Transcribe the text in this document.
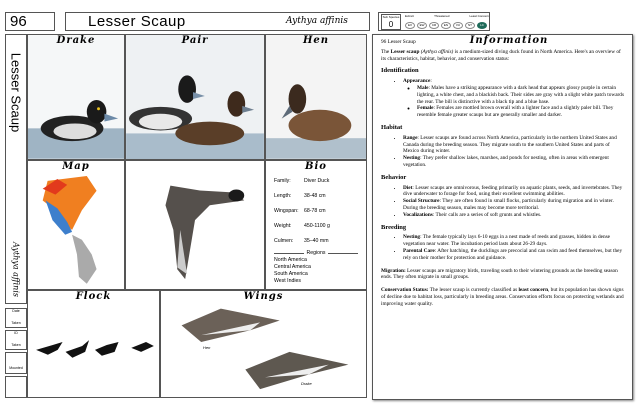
96	Lesser Scaup	Aythya affinis	Sub Species
0
Extinct	Threatened	Least Concern
EX	EW	CR	EN	VU	NT	LC
Lesser Scaup
Aythya affinis
Date
Taken
ID
Taken
Mounted
Drake	Pair	Hen
Map	Bio
Family:	Diver Duck
Length:	38-48 cm
Wingspan:	68-78 cm
Weight:	450-1100 g
Culmen:	35–40 mm
Regions
North America
Central America
South America
West Indies
Flock	Wings
Hen
Drake
96 Lesser Scaup	Information

The Lesser scaup (Aythya affinis) is a medium-sized diving duck found in North America. Here's an overview of its characteristics, habitat, behavior, and conservation status:

Identification
• Appearance:
◦ Male: Males have a striking appearance with a dark head that appears glossy purple in certain lighting, a white chest, and a blackish back. Their sides are gray with a slight white patch towards the rear. The bill is distinctive with a black tip and a blue base.
◦ Female: Females are mottled brown overall with a lighter face and a slightly paler bill. They resemble female greater scaups but are generally smaller and darker.
Habitat
• Range: Lesser scaups are found across North America, particularly in the northern United States and Canada during the breeding season. They migrate south to the southern United States and parts of Mexico during winter.
• Nesting: They prefer shallow lakes, marshes, and ponds for nesting, often in areas with emergent vegetation.
Behavior
• Diet: Lesser scaups are omnivorous, feeding primarily on aquatic plants, seeds, and invertebrates. They dive underwater to forage for food, using their excellent swimming abilities.
• Social Structure: They are often found in small flocks, particularly during migration and in winter. During the breeding season, males may become more territorial.
• Vocalizations: Their calls are a series of soft grunts and whistles.
Breeding
• Nesting: The female typically lays 6-10 eggs in a nest made of reeds and grasses, hidden in dense vegetation near water. The incubation period lasts about 26-29 days.
• Parental Care: After hatching, the ducklings are precocial and can swim and feed themselves, but they rely on their mother for protection and guidance.

Migration: Lesser scaups are migratory birds, traveling south to their wintering grounds as the breeding season ends. They often migrate in small groups.

Conservation Status: The lesser scaup is currently classified as least concern, but its population has shown signs of decline due to habitat loss, particularly in breeding areas. Conservation efforts focus on protecting wetlands and improving water quality.
